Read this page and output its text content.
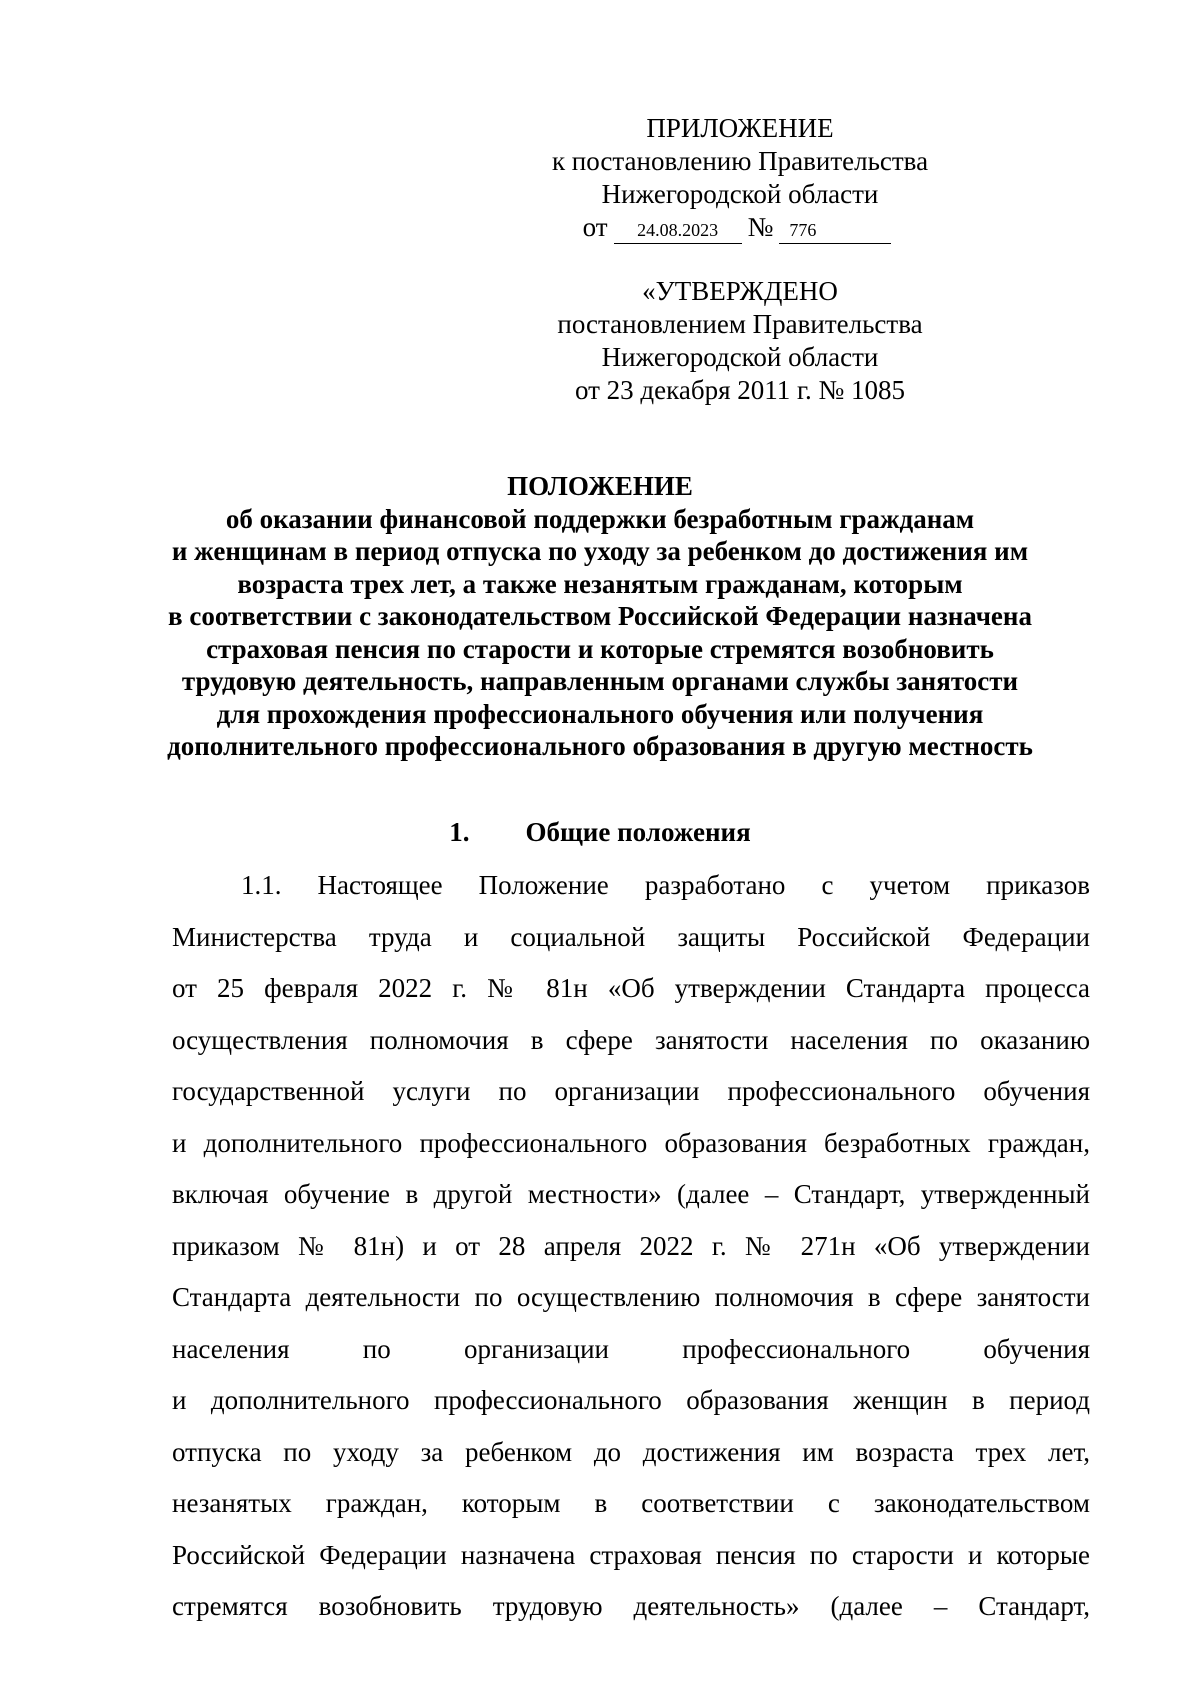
ПРИЛОЖЕНИЕ
к постановлению Правительства
Нижегородской области
от	24.08.2023	№ 776
«УТВЕРЖДЕНО
постановлением Правительства
Нижегородской области
от 23 декабря 2011 г. № 1085
ПОЛОЖЕНИЕ
об оказании финансовой поддержки безработным гражданам
и женщинам в период отпуска по уходу за ребенком до достижения им
возраста трех лет, а также незанятым гражданам, которым
в соответствии с законодательством Российской Федерации назначена
страховая пенсия по старости и которые стремятся возобновить
трудовую деятельность, направленным органами службы занятости
для прохождения профессионального обучения или получения
дополнительного профессионального образования в другую местность
1. Общие положения
1.1. Настоящее Положение разработано с учетом приказов
Министерства труда и социальной защиты Российской Федерации
от 25 февраля 2022 г. № 81н «Об утверждении Стандарта процесса
осуществления полномочия в сфере занятости населения по оказанию
государственной услуги по организации профессионального обучения
и дополнительного профессионального образования безработных граждан,
включая обучение в другой местности» (далее – Стандарт, утвержденный
приказом № 81н) и от 28 апреля 2022 г. № 271н «Об утверждении
Стандарта деятельности по осуществлению полномочия в сфере занятости
населения по организации профессионального обучения
и дополнительного профессионального образования женщин в период
отпуска по уходу за ребенком до достижения им возраста трех лет,
незанятых граждан, которым в соответствии с законодательством
Российской Федерации назначена страховая пенсия по старости и которые
стремятся возобновить трудовую деятельность» (далее – Стандарт,
